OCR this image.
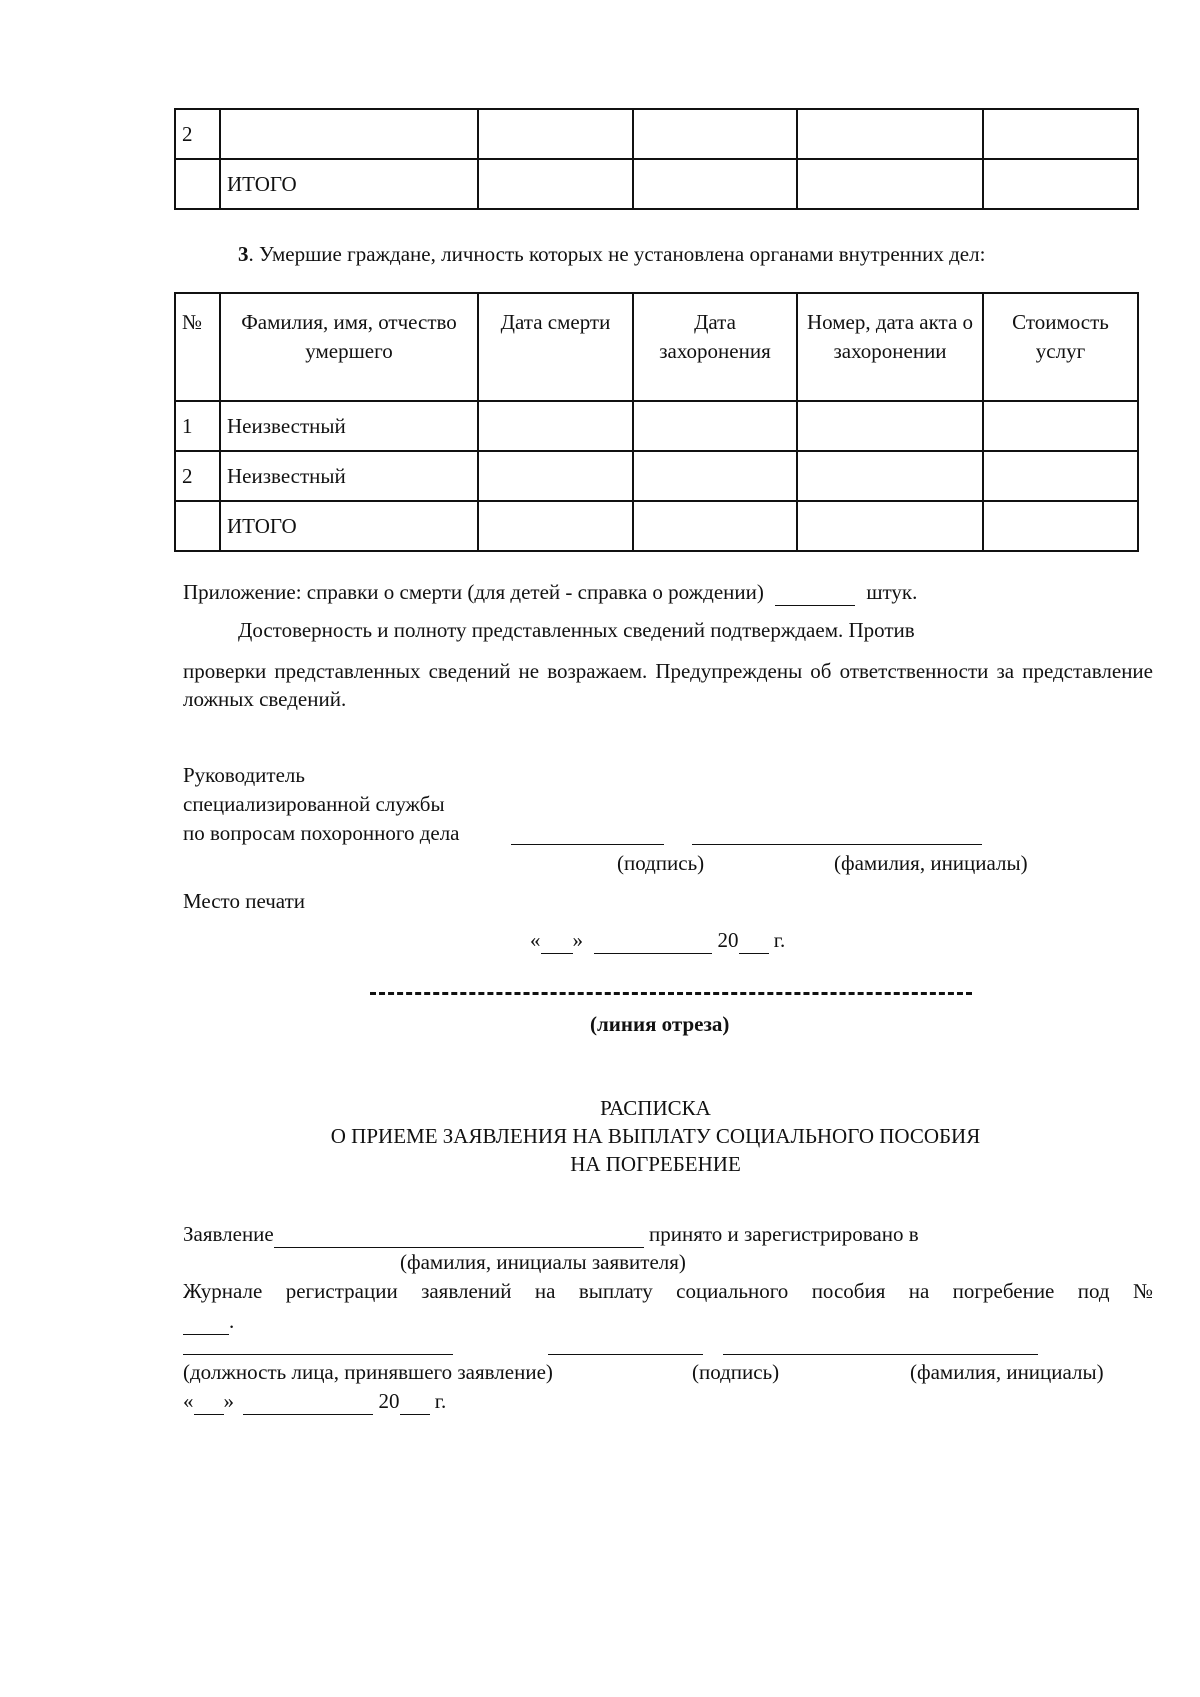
2					
	ИТОГО				
3. Умершие граждане, личность которых не установлена органами внутренних дел:
№	Фамилия, имя, отчество умершего	Дата смерти	Дата захоронения	Номер, дата акта о захоронении	Стоимость услуг
1	Неизвестный				
2	Неизвестный				
	ИТОГО				
Приложение: справки о смерти (для детей - справка о рождении)	штук.
Достоверность и полноту представленных сведений подтверждаем. Против
проверки представленных сведений не возражаем. Предупреждены об ответственности за представление ложных сведений.
Руководитель
специализированной службы
по вопросам похоронного дела
(подпись)	(фамилия, инициалы)
Место печати
« »	20 г.
(линия отреза)
РАСПИСКА
О ПРИЕМЕ ЗАЯВЛЕНИЯ НА ВЫПЛАТУ СОЦИАЛЬНОГО ПОСОБИЯ
НА ПОГРЕБЕНИЕ
Заявление	принято и зарегистрировано в
(фамилия, инициалы заявителя)
Журнале регистрации заявлений на выплату социального пособия на погребение под №
.
(должность лица, принявшего заявление)	(подпись)	(фамилия, инициалы)
« »	20 г.
